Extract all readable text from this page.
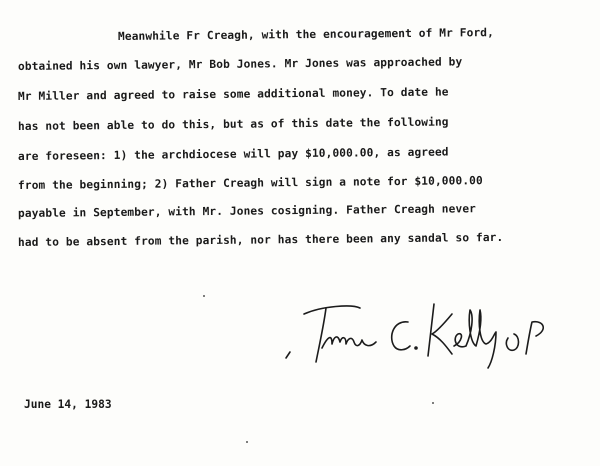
Meanwhile Fr Creagh, with the encouragement of Mr Ford,
obtained his own lawyer, Mr Bob Jones. Mr Jones was approached by
Mr Miller and agreed to raise some additional money. To date he
has not been able to do this, but as of this date the following
are foreseen: 1) the archdiocese will pay $10,000.00, as agreed
from the beginning; 2) Father Creagh will sign a note for $10,000.00
payable in September, with Mr. Jones cosigning. Father Creagh never
had to be absent from the parish, nor has there been any sandal so far.
June 14, 1983
